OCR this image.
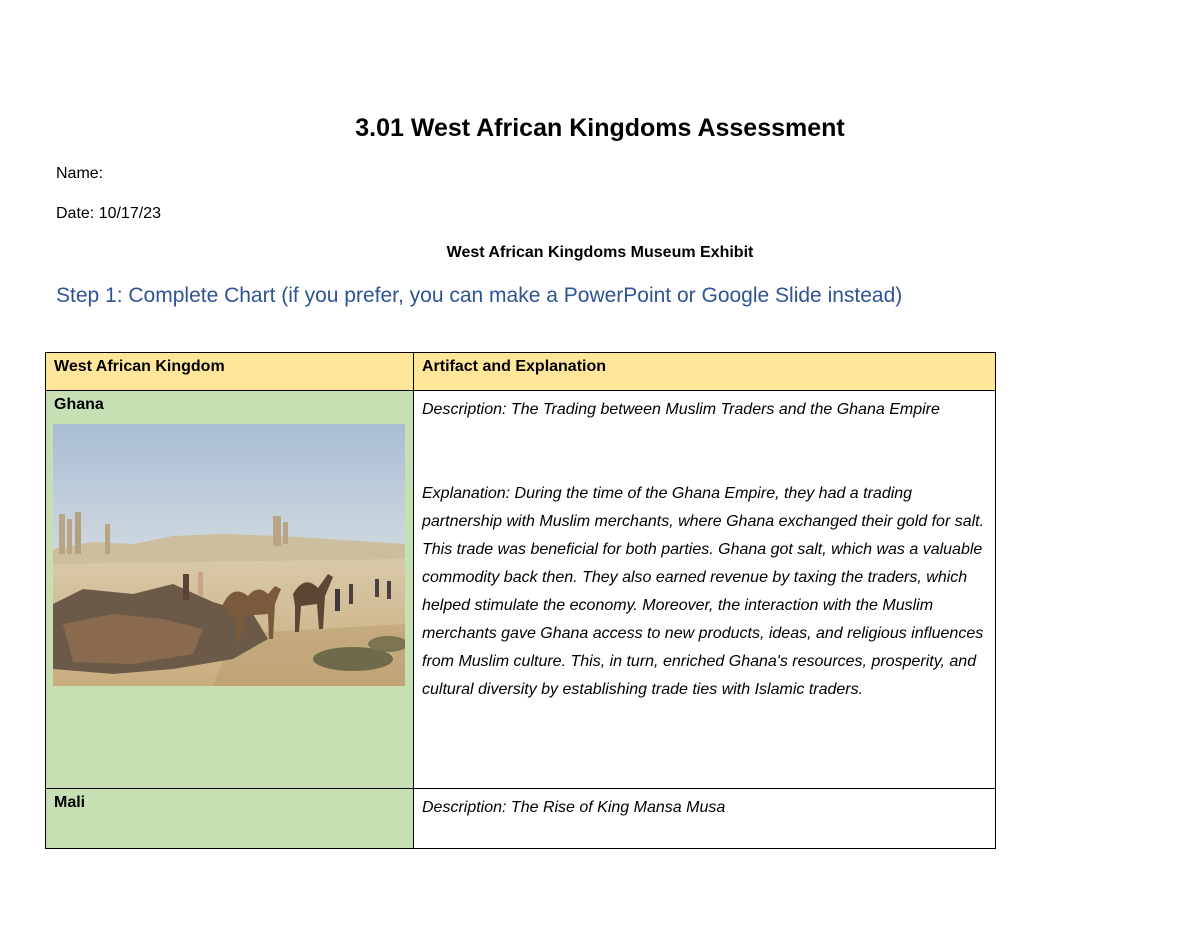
3.01 West African Kingdoms Assessment
Name:
Date: 10/17/23
West African Kingdoms Museum Exhibit
Step 1: Complete Chart (if you prefer, you can make a PowerPoint or Google Slide instead)
West African Kingdom	Artifact and Explanation

Ghana	Description: The Trading between Muslim Traders and the Ghana Empire
Explanation: During the time of the Ghana Empire, they had a trading partnership with Muslim merchants, where Ghana exchanged their gold for salt. This trade was beneficial for both parties. Ghana got salt, which was a valuable commodity back then. They also earned revenue by taxing the traders, which helped stimulate the economy. Moreover, the interaction with the Muslim merchants gave Ghana access to new products, ideas, and religious influences from Muslim culture. This, in turn, enriched Ghana's resources, prosperity, and cultural diversity by establishing trade ties with Islamic traders.

Mali	Description: The Rise of King Mansa Musa
